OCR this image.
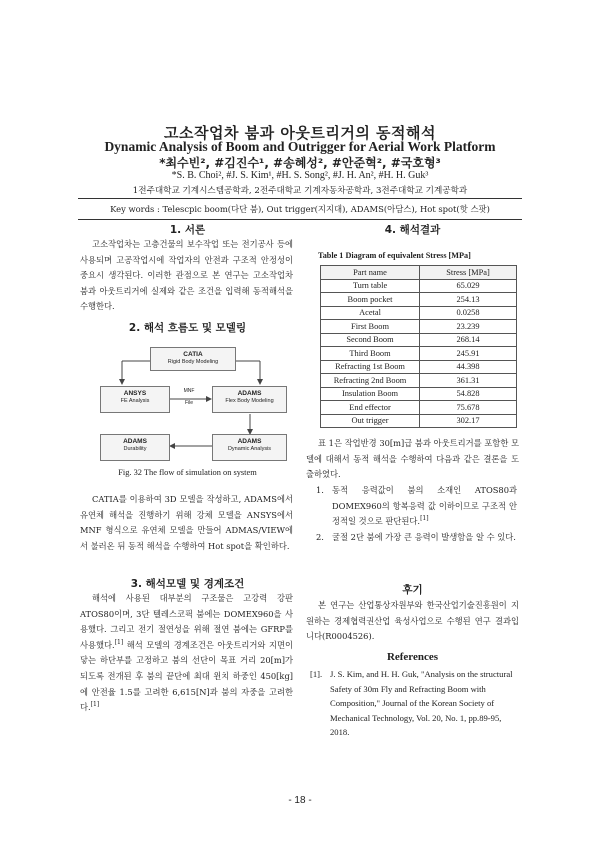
고소작업차 붐과 아웃트리거의 동적해석
Dynamic Analysis of Boom and Outrigger for Aerial Work Platform
*최수빈², #김진수¹, #송혜성², #안준혁², #국호형³
*S. B. Choi², #J. S. Kim¹, #H. S. Song², #J. H. An², #H. H. Guk³
1전주대학교 기계시스템공학과, 2전주대학교 기계자동차공학과, 3전주대학교 기계공학과
Key words : Telescpic boom(다단 붐), Out trigger(지지대), ADAMS(아담스), Hot spot(핫 스팟)
1. 서론

고소작업차는 고층건물의 보수작업 또는 전기공사 등에 사용되며 고공작업시에 작업자의 안전과 구조적 안정성이 중요시 생각된다. 이러한 관점으로 본 연구는 고소작업차 붐과 아웃트리거에 실제와 같은 조건을 입력해 동적해석을 수행한다.

2. 해석 흐름도 및 모델링
CATIA
Rigid Body Modeling
ANSYS
FE Analysis
MNF
File
ADAMS
Flex Body Modeling
ADAMS
Durability
ADAMS
Dynamic Analysis
Fig. 32 The flow of simulation on system

CATIA를 이용하여 3D 모델을 작성하고, ADAMS에서 유연체 해석을 진행하기 위해 강체 모델을 ANSYS에서 MNF 형식으로 유연체 모델을 만들어 ADMAS/VIEW에서 불러온 뒤 동적 해석을 수행하여 Hot spot을 확인하다.

3. 해석모델 및 경계조건

해석에 사용된 대부분의 구조물은 고강력 강판 ATOS80이며, 3단 텔레스코픽 붐에는 DOMEX960을 사용했다. 그리고 전기 절연성을 위해 절연 붐에는 GFRP를 사용했다.[1] 해석 모델의 경계조건은 아웃트리거와 지면이 닿는 하단부를 고정하고 붐의 선단이 목표 거리 20[m]가 되도록 전개된 후 붐의 끝단에 최대 윈치 하중인 450[kg]에 안전율 1.5를 고려한 6,615[N]과 붐의 자중을 고려한다.[1]

4. 해석결과
Table 1 Diagram of equivalent Stress [MPa]
Part name	Stress [MPa]
Turn table	65.029
Boom pocket	254.13
Acetal	0.0258
First Boom	23.239
Second Boom	268.14
Third Boom	245.91
Refracting 1st Boom	44.398
Refracting 2nd Boom	361.31
Insulation Boom	54.828
End effector	75.678
Out trigger	302.17

표 1은 작업반경 30[m]급 붐과 아웃트리거를 포함한 모델에 대해서 동적 해석을 수행하여 다음과 같은 결론을 도출하였다.

1. 동적 응력값이 붐의 소재인 ATOS80과 DOMEX960의 항복응력 값 이하이므로 구조적 안정적일 것으로 판단된다.[1]
2. 굴절 2단 붐에 가장 큰 응력이 발생함을 알 수 있다.
후기

본 연구는 산업통상자원부와 한국산업기술진흥원이 지원하는 경제협력권산업 육성사업으로 수행된 연구 결과입니다(R0004526).

References
[1]. J. S. Kim, and H. H. Guk, "Analysis on the structural Safety of 30m Fly and Refracting Boom with Composition," Journal of the Korean Society of Mechanical Technology, Vol. 20, No. 1, pp.89-95, 2018.
- 18 -
